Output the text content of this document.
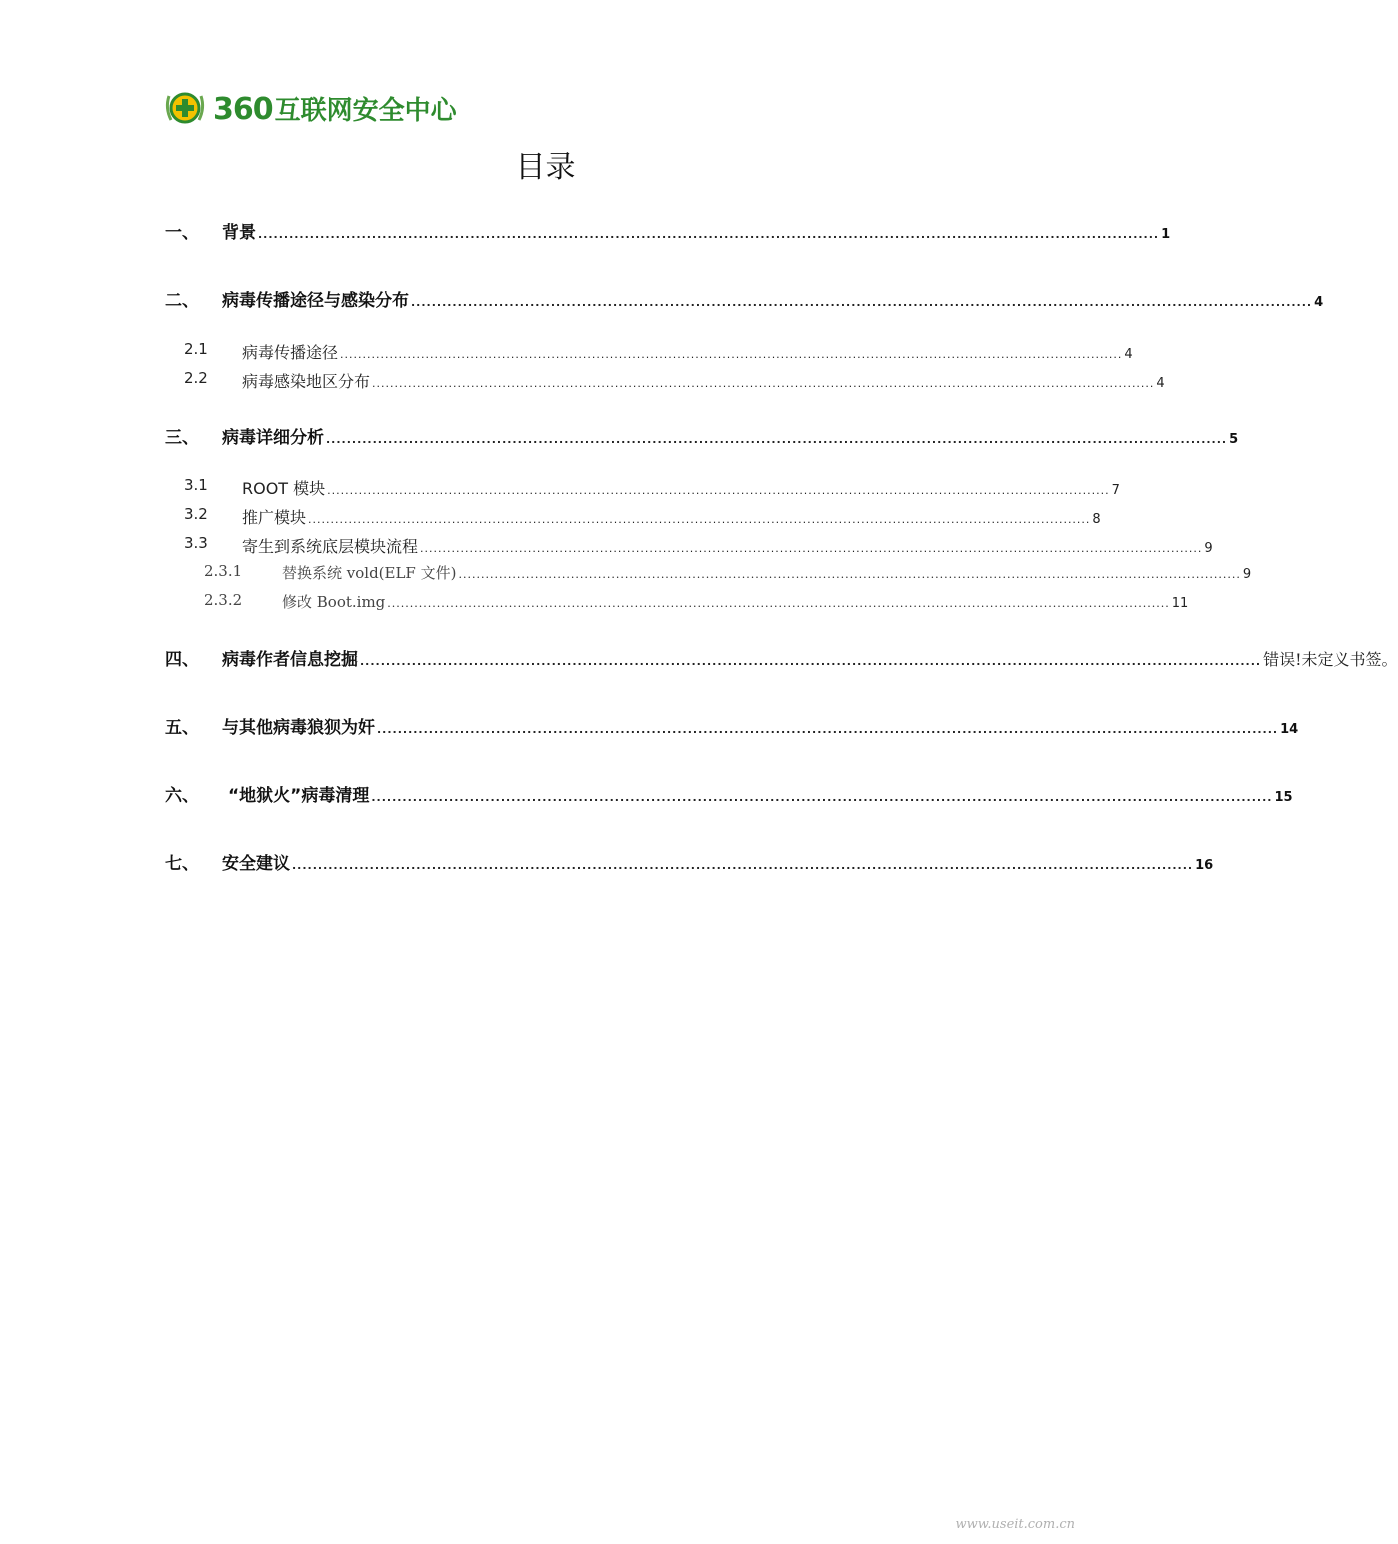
360互联网安全中心
目录
一、 背景 .............................................................................................................................................................................. 1
二、 病毒传播途径与感染分布 .............................................................................................................................................................................. 4
2.1 病毒传播途径 .............................................................................................................................................................................. 4
2.2 病毒感染地区分布 .............................................................................................................................................................................. 4
三、 病毒详细分析 .............................................................................................................................................................................. 5
3.1 ROOT 模块 .............................................................................................................................................................................. 7
3.2 推广模块 .............................................................................................................................................................................. 8
3.3 寄生到系统底层模块流程 .............................................................................................................................................................................. 9
2.3.1	替换系统 vold(ELF 文件) .............................................................................................................................................................................. 9
2.3.2	修改 Boot.img .............................................................................................................................................................................. 11
四、 病毒作者信息挖掘 .............................................................................................................................................................................. 错误!未定义书签。
五、 与其他病毒狼狈为奸 .............................................................................................................................................................................. 14
六、 “地狱火”病毒清理 .............................................................................................................................................................................. 15
七、 安全建议 .............................................................................................................................................................................. 16
www.useit.com.cn
